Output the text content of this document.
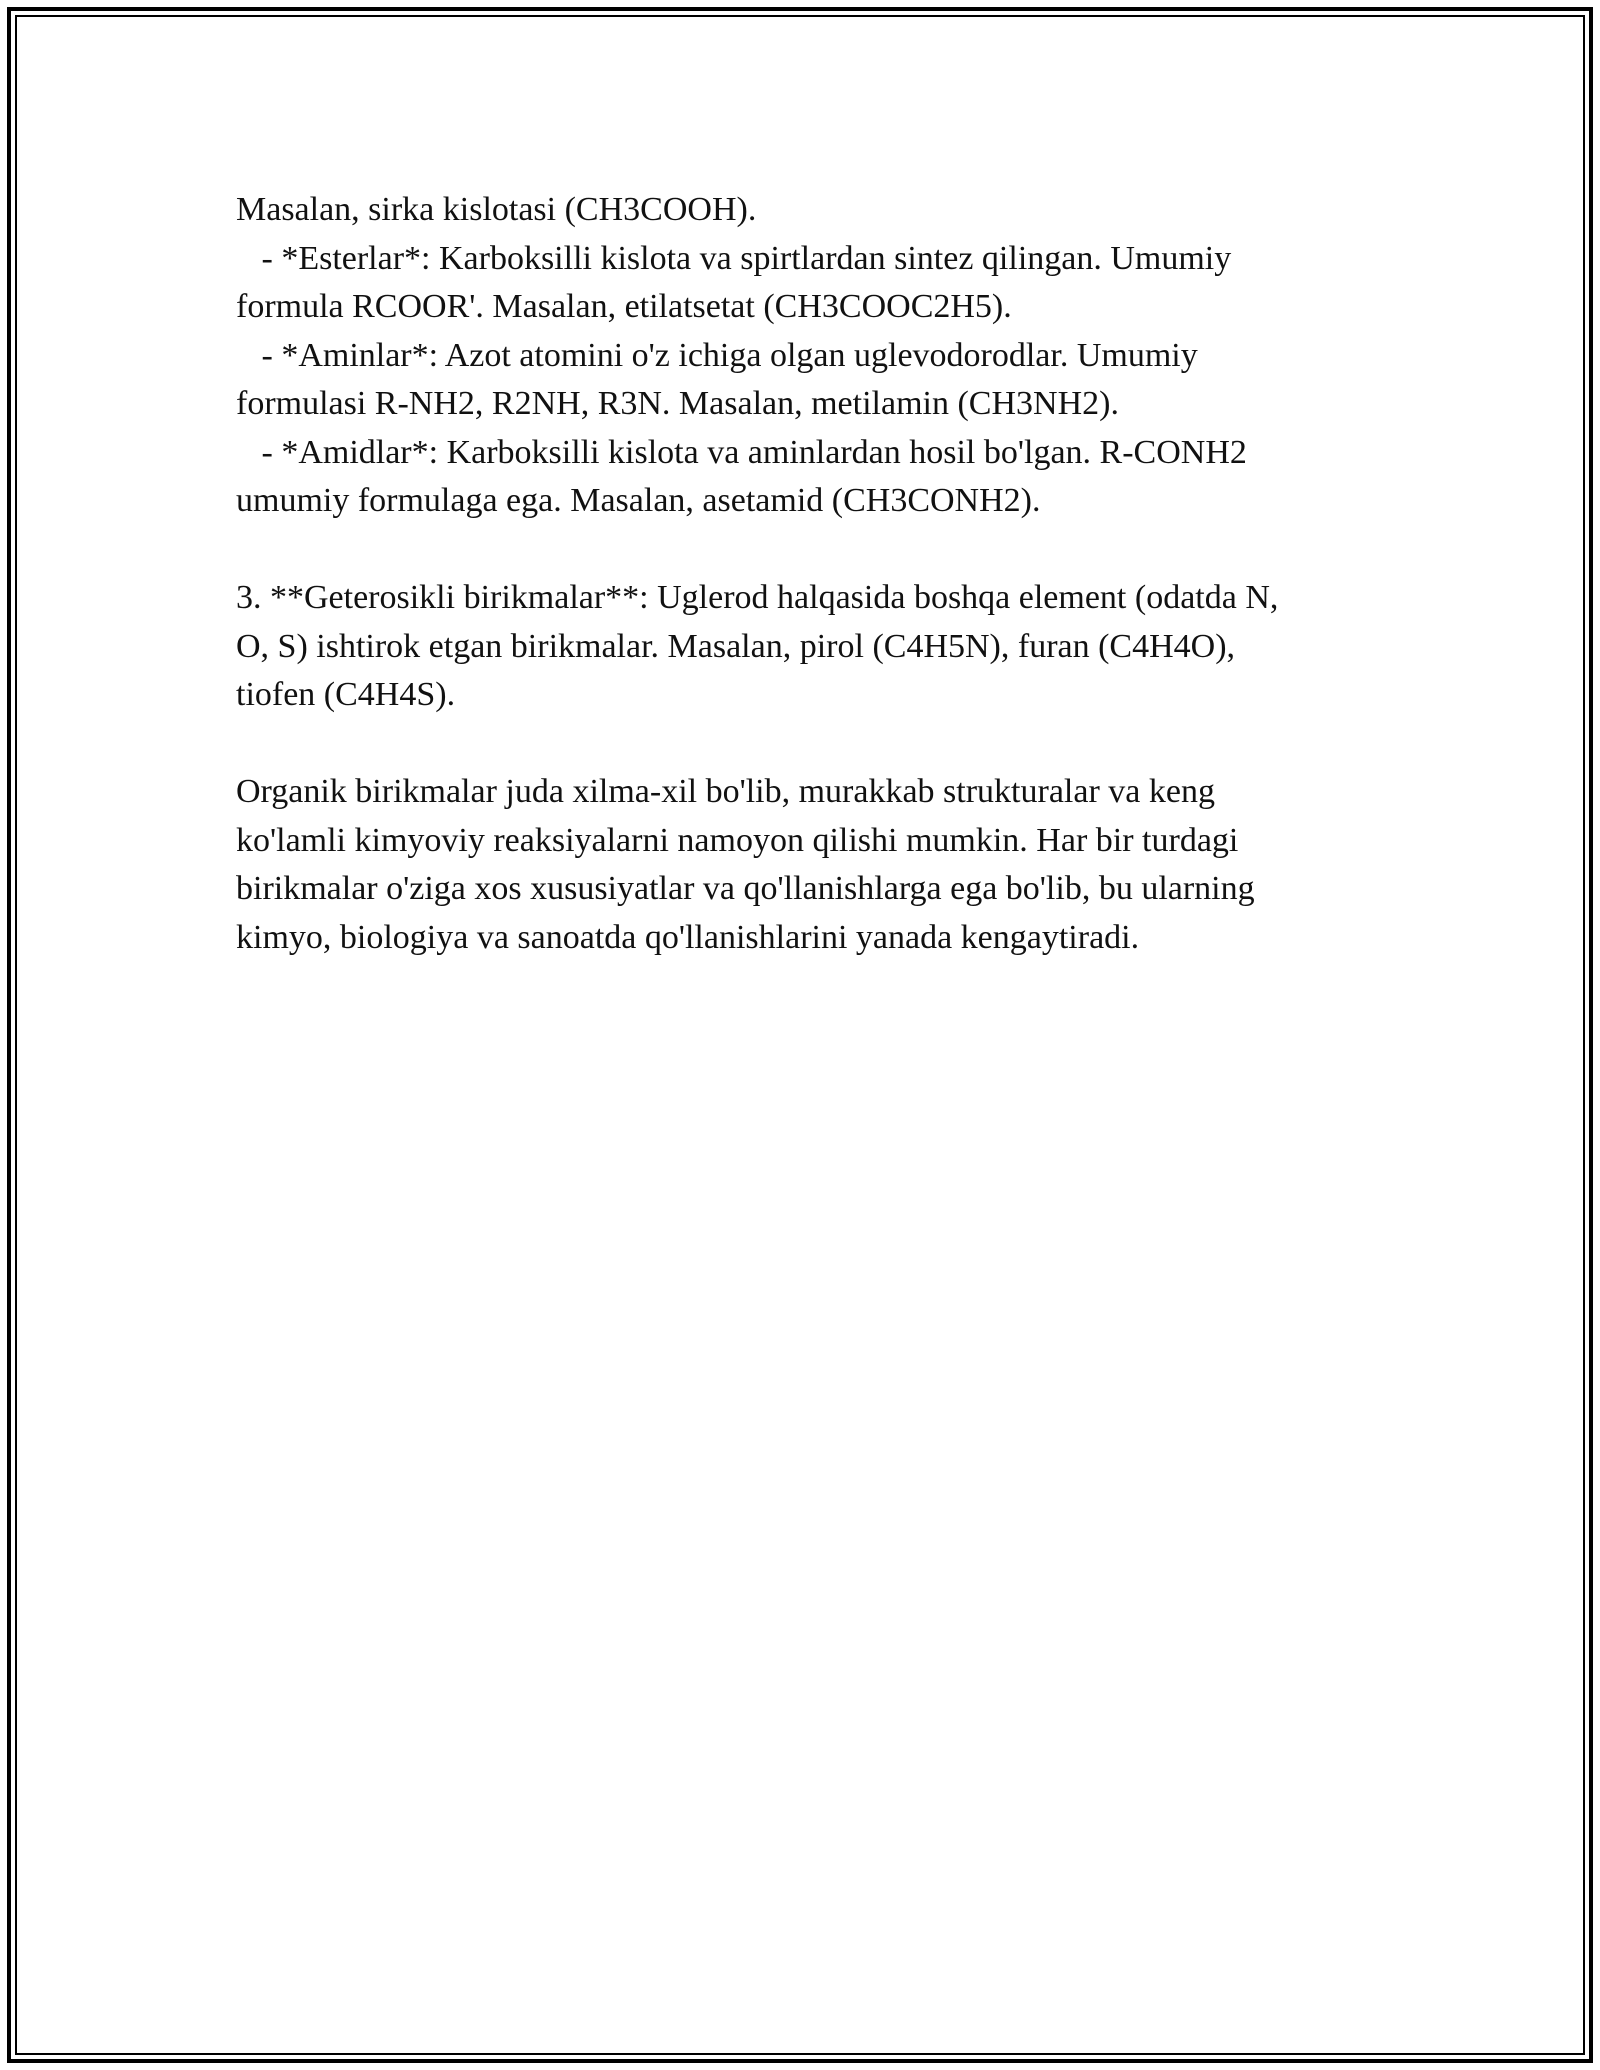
Masalan, sirka kislotasi (CH3COOH).
- *Esterlar*: Karboksilli kislota va spirtlardan sintez qilingan. Umumiy
formula RCOOR'. Masalan, etilatsetat (CH3COOC2H5).
- *Aminlar*: Azot atomini o'z ichiga olgan uglevodorodlar. Umumiy
formulasi R-NH2, R2NH, R3N. Masalan, metilamin (CH3NH2).
- *Amidlar*: Karboksilli kislota va aminlardan hosil bo'lgan. R-CONH2
umumiy formulaga ega. Masalan, asetamid (CH3CONH2).
3. **Geterosikli birikmalar**: Uglerod halqasida boshqa element (odatda N,
O, S) ishtirok etgan birikmalar. Masalan, pirol (C4H5N), furan (C4H4O),
tiofen (C4H4S).
Organik birikmalar juda xilma-xil bo'lib, murakkab strukturalar va keng
ko'lamli kimyoviy reaksiyalarni namoyon qilishi mumkin. Har bir turdagi
birikmalar o'ziga xos xususiyatlar va qo'llanishlarga ega bo'lib, bu ularning
kimyo, biologiya va sanoatda qo'llanishlarini yanada kengaytiradi.
